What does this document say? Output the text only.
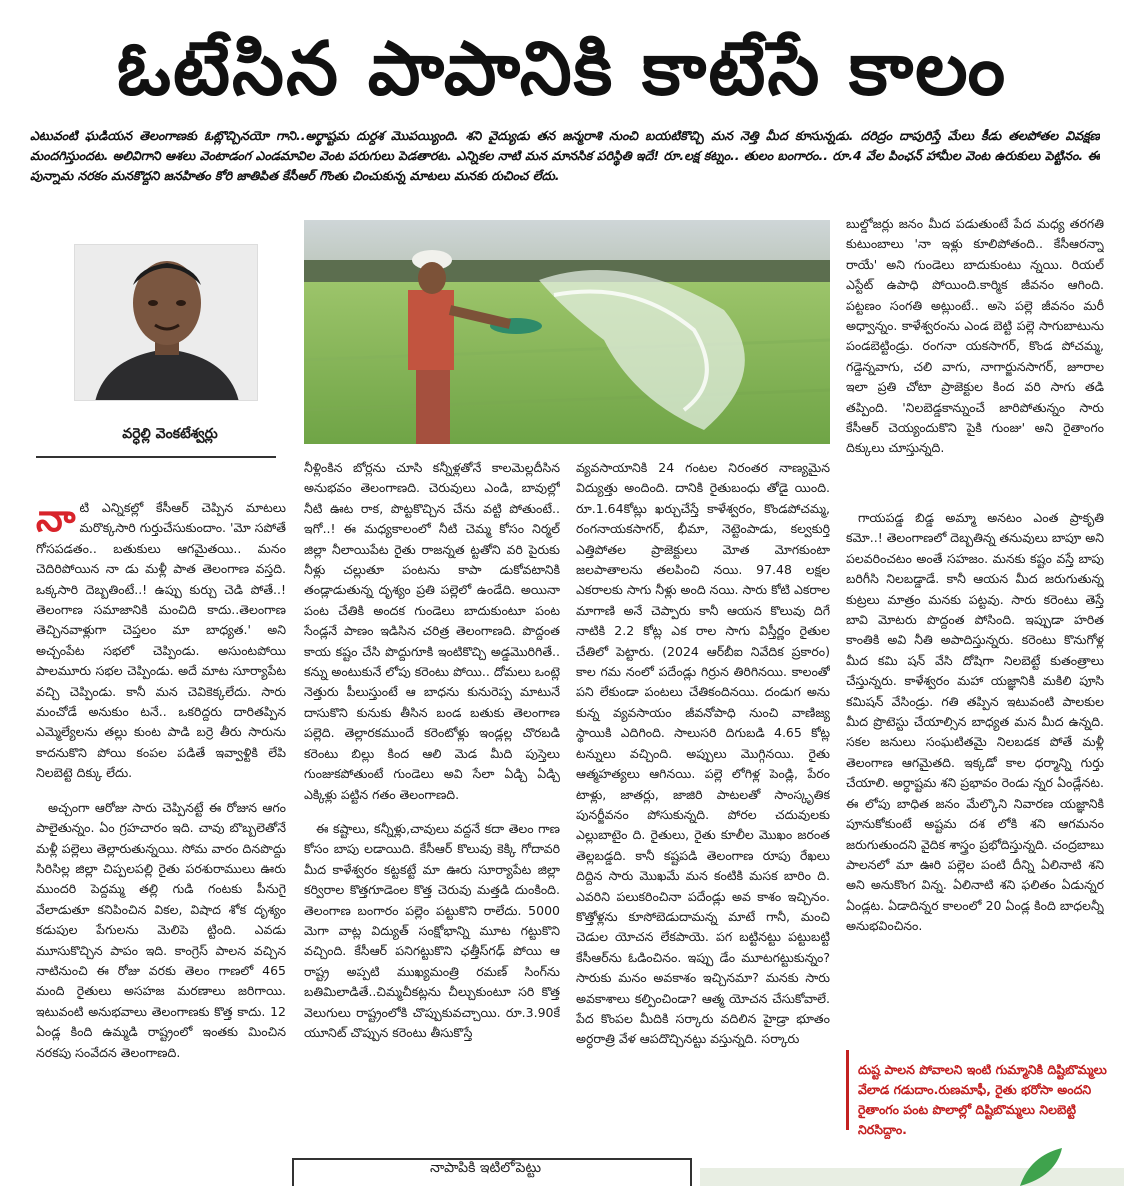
ఓటేసిన పాపానికి కాటేసే కాలం
ఎటువంటి ఘడియన తెలంగాణకు ఓట్లొచ్చినయో గాని..అర్థాష్టమ దుర్దశ మొపయ్యింది. శని వైద్యుడు తన జన్మరాశి నుంచి బయటికొచ్చి మన నెత్తి మీద కూసున్నడు. దరిద్రం దాపురిస్తే మేలు కీడు తలపోతల వివక్షణ మందగిస్తుందట. అలివిగాని ఆశలు వెంటాడంగ ఎండమావిల వెంట పరుగులు పెడతారట. ఎన్నికల నాటి మన మానసిక పరిస్థితి ఇదే! రూ.లక్ష కట్నం.. తులం బంగారం.. రూ.4 వేల పింఛన్ హామీల వెంట ఉరుకులు పెట్టినం. ఈ పున్నామ నరకం మనకొద్దని జనహితం కోరి జాతిపిత కేసీఆర్ గొంతు చించుకున్న మాటలు మనకు రుచించ లేదు.
వర్ధెల్లి వెంకటేశ్వర్లు

నాటి ఎన్నికల్లో కేసీఆర్ చెప్పిన మాటలు మరొక్కసారి గుర్తుచేసుకుందాం. 'మో సపోతే గోసపడతం.. బతుకులు ఆగమైతయి.. మనం చెదిరిపోయిన నా డు మళ్లీ పాత తెలంగాణ వస్తది. ఒక్కసారి దెబ్బతింటే..! ఉప్పు కుర్చు చెడి పోతే..! తెలంగాణ సమాజానికి మంచిది కాదు..తెలంగాణ తెచ్చినవాళ్లుగా చెప్తలం మా బాధ్యత.' అని అచ్చంపేట సభలో చెప్పిండు. అసుంటపోయి పాలమూరు సభల చెప్పిండు. అదే మాట సూర్యాపేట వచ్చి చెప్పిండు. కానీ మన చెవికెక్కలేదు. సారు మంచోడే అనుకుం టనే.. ఒకరిద్దరు దారితప్పిన ఎమ్మెల్యేలను తల్లు కుంట పాడి బర్రె తీరు సారును కాదనుకొని పోయి కంపల పడితే ఇవ్వాళ్టికి లేపి నిలబెట్టె దిక్కు లేదు.

అచ్చంగా ఆరోజు సారు చెప్పినట్టే ఈ రోజున ఆగం పాలైతున్నం. ఏం గ్రహచారం ఇది. చావు బొబ్బలెతోనే మళ్లీ పల్లెలు తెల్లారుతున్నయి. సోమ వారం దినపొద్దు సిరిసిల్ల జిల్లా చిప్పలపల్లి రైతు పరశురాములు ఊరు ముందరి పెద్దమ్మ తల్లి గుడి గంటకు పీనుగై వేలాడుతూ కనిపించిన వికల, విషాద శోక దృశ్యం కడుపుల పేగులను మెలిపె ట్టింది. ఎవడు మూసుకొచ్చిన పాపం ఇది. కాంగ్రెస్ పాలన వచ్చిన నాటినుంచి ఈ రోజు వరకు తెలం గాణలో 465 మంది రైతులు అసహజ మరణాలు జరిగాయి. ఇటువంటి అనుభవాలు తెలంగాణకు కొత్త కాదు. 12 ఏండ్ల కింది ఉమ్మడి రాష్ట్రంలో ఇంతకు మించిన నరకపు సంవేదన తెలంగాణది.

నీళ్లింకిన బోర్లను చూసి కన్నీళ్లతోనే కాలమెల్లదీసిన అనుభవం తెలంగాణది. చెరువులు ఎండి, బావుల్లో నీటి ఊట రాక, పొట్టకొచ్చిన చేను వట్టి పోతుంటే.. ఇగో..! ఈ మధ్యకాలంలో నీటి చెమ్మ కోసం నిర్మల్ జిల్లా నీలాయిపేట రైతు రాజన్నత ట్టతోని వరి పైరుకు నీళ్లు చల్లుతూ పంటను కాపా డుకోవటానికి తండ్లాడుతున్న దృశ్యం ప్రతి పల్లెలో ఉండేది. అయినా పంట చేతికి అందక గుండెలు బాదుకుంటూ పంట సేండ్లనే పాణం ఇడిసిన చరిత్ర తెలంగాణది. పొద్దంత కాయ కష్టం చేసి పొద్దుగూకి ఇంటికొచ్చి అడ్డమొరిగితే.. కన్ను అంటుకునే లోపు కరెంటు పోయి.. దోమలు ఒంట్లె నెత్తురు పీలుస్తుంటే ఆ బాధను కునురెప్ప మాటునే దాసుకొని కునుకు తీసిన బండ బతుకు తెలంగాణ పల్లెది. తెల్లారకముందే కరెంటోళ్లు ఇండ్లల్ల చొరబడి కరెంటు బిల్లు కింద ఆలి మెడ మీది పుస్తెలు గుంజుకపోతుంటే గుండెలు అవి సేలా ఏడ్చి ఏడ్చి ఎక్కిళ్లు పట్టిన గతం తెలంగాణది.

ఈ కష్టాలు, కన్నీళ్లు,చావులు వద్దనే కదా తెలం గాణ కోసం బాపు లడాయిది. కేసీఆర్ కొలువు కెక్కి గోదావరి మీద కాళేశ్వరం కట్టకట్టే మా ఊరు సూర్యాపేట జిల్లా కర్విరాల కొత్తగూడెంల కొత్త చెరువు మత్తడి దుంకింది. తెలంగాణ బంగారం పల్లెం పట్టుకొని రాలేదు. 5000 మెగా వాట్ల విద్యుత్ సంక్షోభాన్ని మూట గట్టుకొని వచ్చింది. కేసీఆర్ పనిగట్టుకొని ఛత్తీస్‌గఢ్ పోయి ఆ రాష్ట్ర అప్పటి ముఖ్యమంత్రి రమణ్ సింగ్‌ను బతిమిలాడితే..చిమ్మచీకట్లను చీల్చుకుంటూ సరి కొత్త వెలుగులు రాష్ట్రంలోకి చొప్పుకువచ్చాయి. రూ.3.90కే యూనిట్ చొప్పున కరెంటు తీసుకొస్తే

వ్యవసాయానికి 24 గంటల నిరంతర నాణ్యమైన విద్యుత్తు అందింది. దానికి రైతుబంధు తోడై యింది. రూ.1.64కోట్లు ఖర్చుచేస్తే కాళేశ్వరం, కొండపోచమ్మ, రంగనాయకసాగర్, భీమా, నెట్టెంపాడు, కల్వకుర్తి ఎత్తిపోతల ప్రాజెక్టులు మోత మోగకుంటా జలపాతాలను తలపించి నయి. 97.48 లక్షల ఎకరాలకు సాగు నీళ్లు అంది నయి. సారు కోటి ఎకరాల మాగాణి అనే చెప్పారు కానీ ఆయన కొలువు దిగే నాటికి 2.2 కోట్ల ఎక రాల సాగు విస్తీర్ణం రైతుల చేతిలో పెట్టారు. (2024 ఆర్‌బీఐ నివేదిక ప్రకారం) కాల గమ నంలో పదేండ్లు గిర్రున తిరిగినయి. కాలంతో పని లేకుండా పంటలు చేతికందినయి. దండుగ అను కున్న వ్యవసాయం జీవనోపాధి నుంచి వాణిజ్య స్థాయికి ఎదిగింది. సాలుసరి దిగుబడి 4.65 కోట్ల టన్నులు వచ్చింది. అప్పులు మొగ్గినయి. రైతు ఆత్మహత్యలు ఆగినయి. పల్లె లోగిళ్ల పెండ్లి, పేరం టాళ్లు, జాతర్లు, జాజిరి పాటలతో సాంస్కృతిక పునర్జీవనం పోసుకున్నది. పోరల చదువులకు ఎల్లుబాటైం ది. రైతులు, రైతు కూలీల మొఖం జరంత తెల్లబడ్డది. కానీ కష్టపడి తెలంగాణ రూపు రేఖలు దిద్దిన సారు మొఖమే మన కంటికి మసక బారిం ది. ఎవరిని పలుకరించినా పదేండ్లు అవ కాశం ఇచ్చినం. కొత్తోళ్లను కూసోబెడుదామన్న మాటే గానీ, మంచి చెడుల యోచన లేకపాయె. పగ బట్టినట్టు పట్టుబట్టి కేసీఆర్‌ను ఓడించినం. ఇప్పు డేం మూటగట్టుకున్నం? సారుకు మనం అవకాశం ఇచ్చినమా? మనకు సారు అవకాశాలు కల్పించిండా? ఆత్మ యోచన చేసుకోవాలే. పేద కొంపల మీదికి సర్కారు వదిలిన హైడ్రా భూతం అర్ధరాత్రి వేళ ఆపదొచ్చినట్టు వస్తున్నది. సర్కారు

బుల్డోజర్లు జనం మీద పడుతుంటే పేద మధ్య తరగతి కుటుంబాలు 'నా ఇళ్లు కూలిపోతంది.. కేసీఆరన్నా రాయే' అని గుండెలు బాదుకుంటు న్నయి. రియల్ ఎస్టేట్ ఉపాధి పోయింది.కార్మిక జీవనం ఆగింది. పట్టణం సంగతి అట్లుంటే.. అసె పల్లె జీవనం మరీ అధ్వాన్నం. కాళేశ్వరంను ఎండ బెట్టి పల్లె సాగుబాటును పండబెట్టిండ్రు. రంగనా యకసాగర్, కొండ పోచమ్మ, గడ్డెన్నవాగు, చలి వాగు, నాగార్జునసాగర్, జూరాల ఇలా ప్రతి చోటా ప్రాజెక్టుల కింద వరి సాగు తడి తప్పింది. 'నిలబెడ్డకాన్నుంచే జారిపోతున్నం సారు కేసీఆర్ చెయ్యందుకొని పైకి గుంజు' అని రైతాంగం దిక్కులు చూస్తున్నది.

గాయపడ్డ బిడ్డ అమ్మా అనటం ఎంత ప్రాకృతి కమో..! తెలంగాణలో దెబ్బతిన్న తనువులు బాపూ అని పలవరించటం అంతే సహజం. మనకు కష్టం వస్తే బాపు బరిగీసి నిలబడ్డాడే. కానీ ఆయన మీద జరుగుతున్న కుట్రలు మాత్రం మనకు పట్టవు. సారు కరెంటు తెస్తే బావి మోటరు పొద్దంత పోసింది. ఇప్పుడా హరిత కాంతికి అవి నీతి అపాదిస్తున్నరు. కరెంటు కొనుగోళ్ల మీద కమి షన్ వేసి దోషిగా నిలబెట్టే కుతంత్రాలు చేస్తున్నరు. కాళేశ్వరం మహా యజ్ఞానికి మకిలి పూసి కమిషన్ వేసిండ్రు. గతి తప్పిన ఇటువంటి పాలకుల మీద ప్రొటెస్టు చేయాల్సిన బాధ్యత మన మీద ఉన్నది. సకల జనులు సంఘటితమై నిలబడక పోతే మళ్లీ తెలంగాణ ఆగమైతది. ఇక్కడో కాల ధర్మాన్ని గుర్తు చేయాలి. అర్ధాష్టమ శని ప్రభావం రెండు న్నర ఏండ్లేనట. ఈ లోపు బాధిత జనం మేల్కొని నివారణ యజ్ఞానికి పూనుకోకుంటే అష్టమ దశ లోకి శని ఆగమనం జరుగుతుందని వైదిక శాస్త్రం ప్రభోదిస్తున్నది. చంద్రబాబు పాలనలో మా ఊరి పల్లెల పంటి దీన్ని ఏలినాటి శని అని అనుకొంగ విన్న. ఏలినాటి శని ఫలితం ఏడున్నర ఏండ్లట. ఏడాదిన్నర కాలంలో 20 ఏండ్ల కింది బాధలన్నీ అనుభవించినం.

దుష్ట పాలన పోవాలని ఇంటి గుమ్మానికి దిష్టిబొమ్మలు వేలాడ గడుదాం.రుణమాఫీ, రైతు భరోసా అందని రైతాంగం పంట పొలాల్లో దిష్టిబొమ్మలు నిలబెట్టి నిరసిద్దాం.
నాపాపికి ఇటిలోపెట్టు
